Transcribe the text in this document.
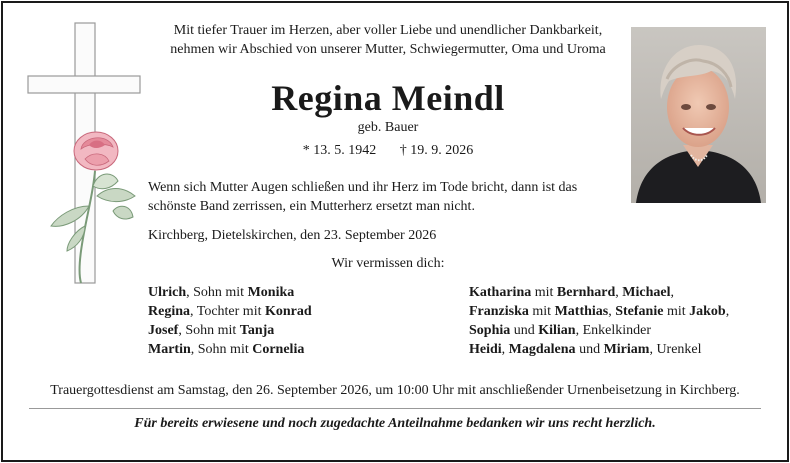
Mit tiefer Trauer im Herzen, aber voller Liebe und unendlicher Dankbarkeit,
nehmen wir Abschied von unserer Mutter, Schwiegermutter, Oma und Uroma
Regina Meindl
geb. Bauer
* 13. 5. 1942 † 19. 9. 2026
Wenn sich Mutter Augen schließen und ihr Herz im Tode bricht, dann ist das
schönste Band zerrissen, ein Mutterherz ersetzt man nicht.
Kirchberg, Dietelskirchen, den 23. September 2026
Wir vermissen dich:
Ulrich, Sohn mit Monika
Regina, Tochter mit Konrad
Josef, Sohn mit Tanja
Martin, Sohn mit Cornelia
Katharina mit Bernhard, Michael,
Franziska mit Matthias, Stefanie mit Jakob,
Sophia und Kilian, Enkelkinder
Heidi, Magdalena und Miriam, Urenkel
Trauergottesdienst am Samstag, den 26. September 2026, um 10:00 Uhr mit anschließender Urnenbeisetzung in Kirchberg.
Für bereits erwiesene und noch zugedachte Anteilnahme bedanken wir uns recht herzlich.
